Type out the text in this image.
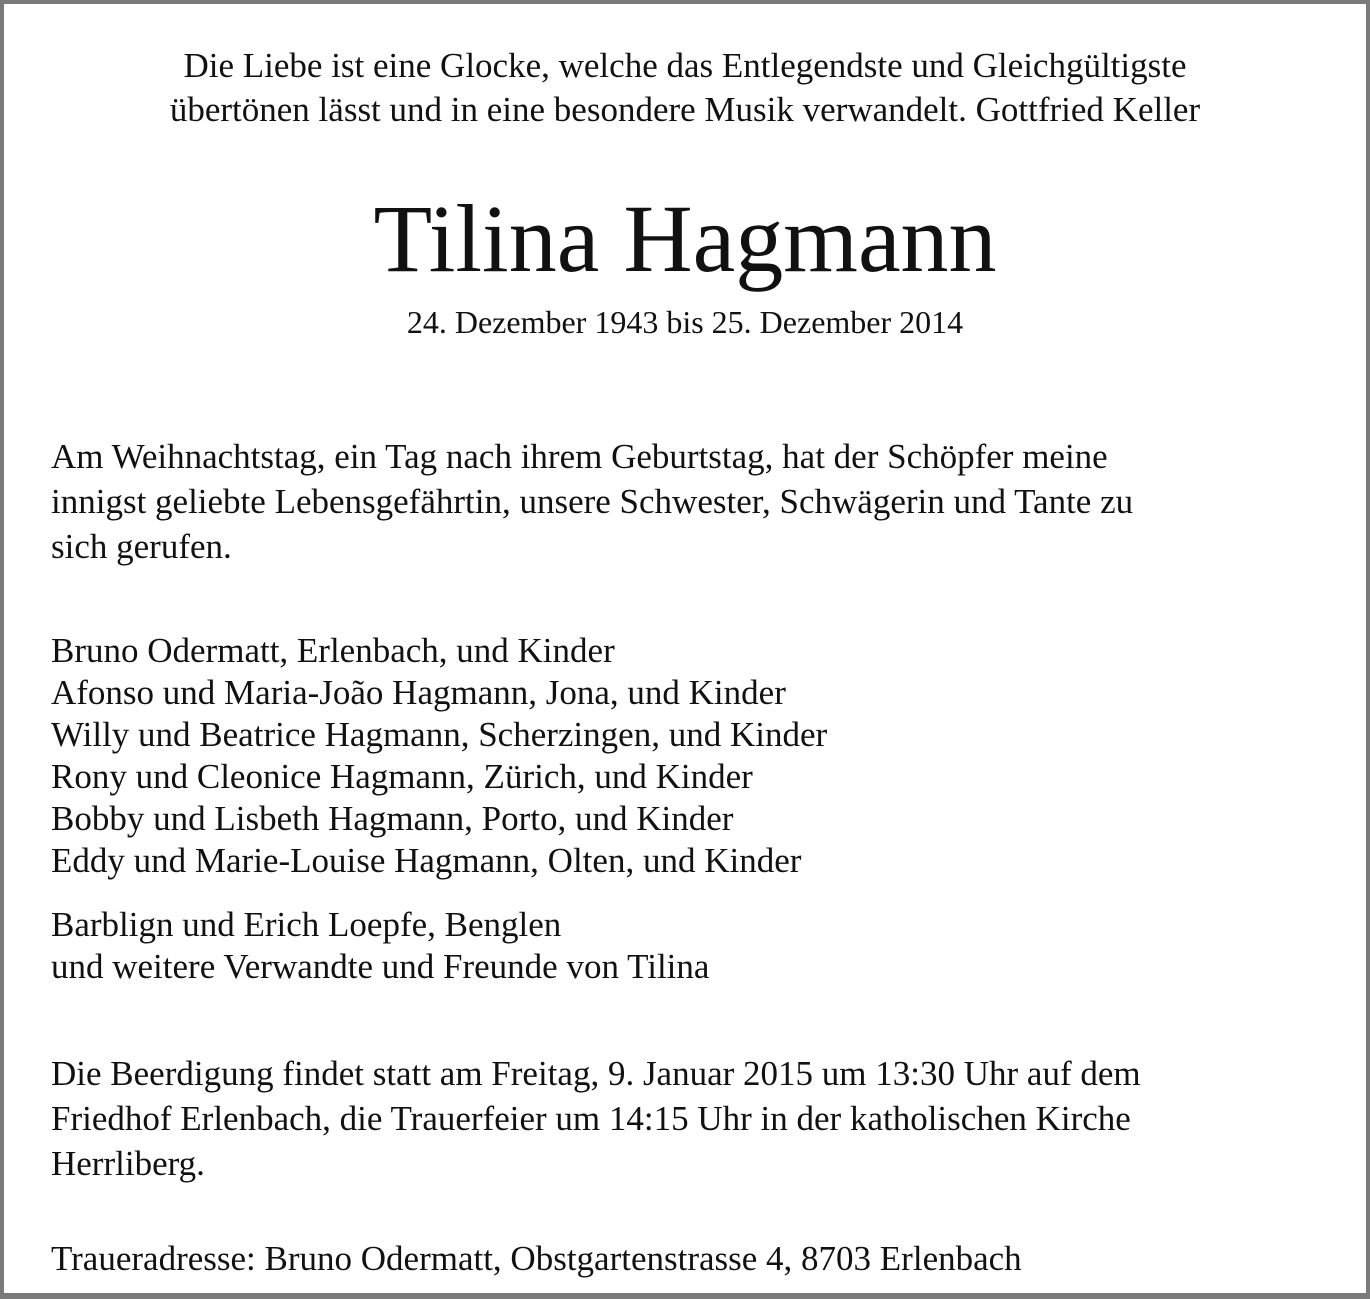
Die Liebe ist eine Glocke, welche das Entlegendste und Gleichgültigste
übertönen lässt und in eine besondere Musik verwandelt. Gottfried Keller
Tilina Hagmann
24. Dezember 1943 bis 25. Dezember 2014
Am Weihnachtstag, ein Tag nach ihrem Geburtstag, hat der Schöpfer meine
innigst geliebte Lebensgefährtin, unsere Schwester, Schwägerin und Tante zu
sich gerufen.
Bruno Odermatt, Erlenbach, und Kinder
Afonso und Maria-João Hagmann, Jona, und Kinder
Willy und Beatrice Hagmann, Scherzingen, und Kinder
Rony und Cleonice Hagmann, Zürich, und Kinder
Bobby und Lisbeth Hagmann, Porto, und Kinder
Eddy und Marie-Louise Hagmann, Olten, und Kinder
Barblign und Erich Loepfe, Benglen
und weitere Verwandte und Freunde von Tilina
Die Beerdigung findet statt am Freitag, 9. Januar 2015 um 13:30 Uhr auf dem
Friedhof Erlenbach, die Trauerfeier um 14:15 Uhr in der katholischen Kirche
Herrliberg.
Traueradresse: Bruno Odermatt, Obstgartenstrasse 4, 8703 Erlenbach
